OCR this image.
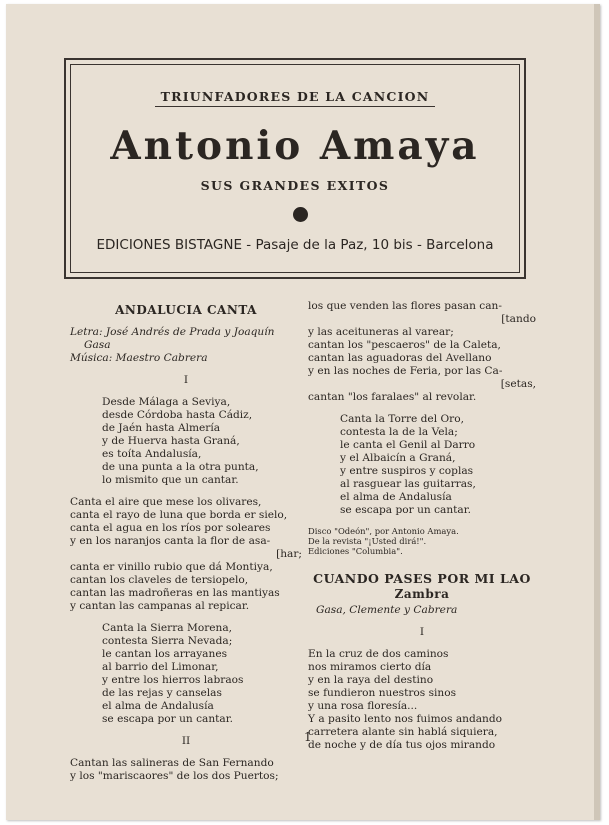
TRIUNFADORES DE LA CANCION
Antonio Amaya
SUS GRANDES EXITOS
EDICIONES BISTAGNE - Pasaje de la Paz, 10 bis - Barcelona
ANDALUCIA CANTA
Letra: José Andrés de Prada y Joaquín
Gasa
Música: Maestro Cabrera
I
Desde Málaga a Seviya,
desde Córdoba hasta Cádiz,
de Jaén hasta Almería
y de Huerva hasta Graná,
es toíta Andalusía,
de una punta a la otra punta,
lo mismito que un cantar.
Canta el aire que mese los olivares,
canta el rayo de luna que borda er sielo,
canta el agua en los ríos por soleares
y en los naranjos canta la flor de asa-
[har;
canta er vinillo rubio que dá Montiya,
cantan los claveles de tersiopelo,
cantan las madroñeras en las mantiyas
y cantan las campanas al repicar.
Canta la Sierra Morena,
contesta Sierra Nevada;
le cantan los arrayanes
al barrio del Limonar,
y entre los hierros labraos
de las rejas y canselas
el alma de Andalusía
se escapa por un cantar.
II
Cantan las salineras de San Fernando
y los "mariscaores" de los dos Puertos;
los que venden las flores pasan can-
[tando
y las aceituneras al varear;
cantan los "pescaeros" de la Caleta,
cantan las aguadoras del Avellano
y en las noches de Feria, por las Ca-
[setas,
cantan "los faralaes" al revolar.
Canta la Torre del Oro,
contesta la de la Vela;
le canta el Genil al Darro
y el Albaicín a Graná,
y entre suspiros y coplas
al rasguear las guitarras,
el alma de Andalusía
se escapa por un cantar.
Disco "Odeón", por Antonio Amaya.
De la revista "¡Usted dirá!".
Ediciones "Columbia".
CUANDO PASES POR MI LAO
Zambra
Gasa, Clemente y Cabrera
I
En la cruz de dos caminos
nos miramos cierto día
y en la raya del destino
se fundieron nuestros sinos
y una rosa floresía...
Y a pasito lento nos fuimos andando
carretera alante sin hablá siquiera,
de noche y de día tus ojos mirando
1
